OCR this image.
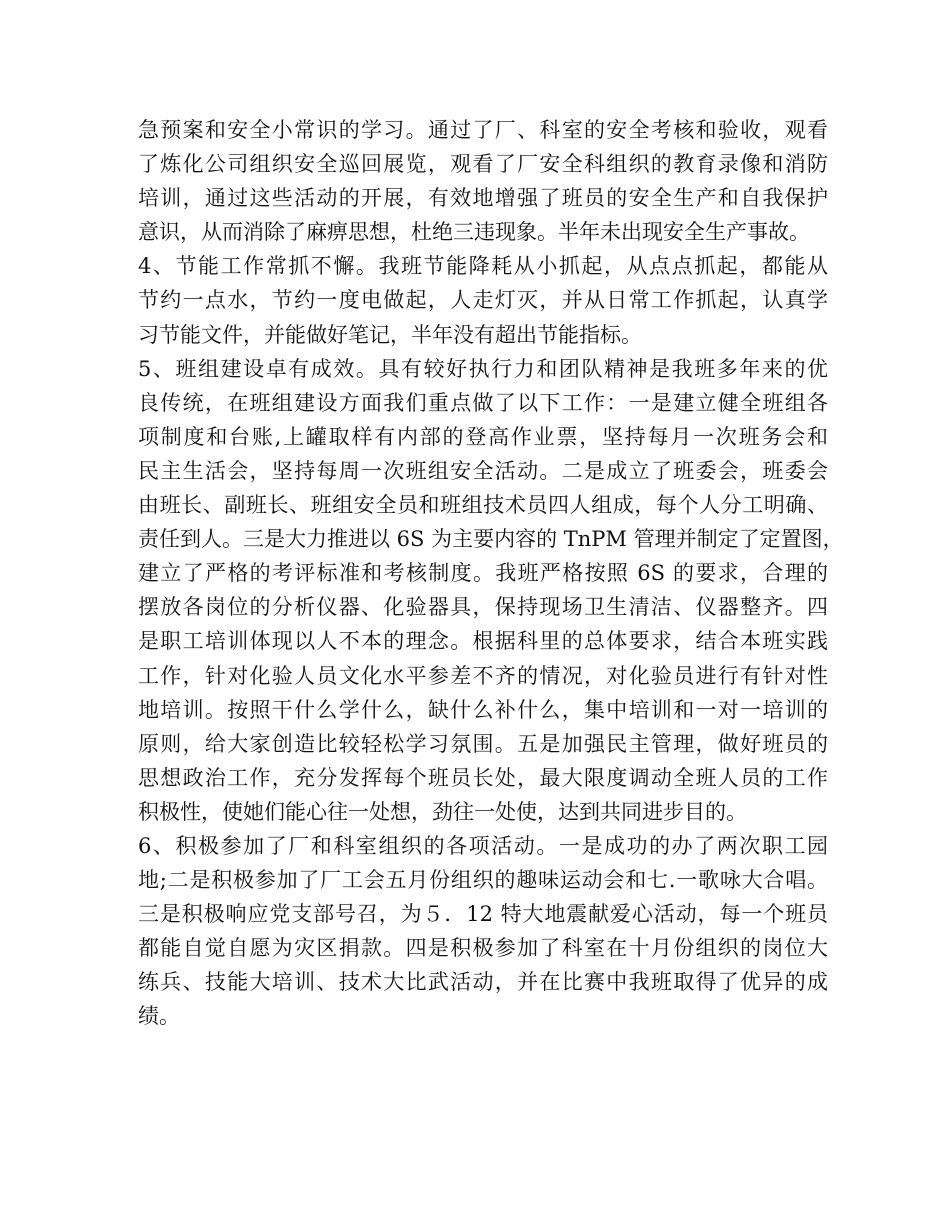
急预案和安全小常识的学习。通过了厂、科室的安全考核和验收，观看
了炼化公司组织安全巡回展览，观看了厂安全科组织的教育录像和消防
培训，通过这些活动的开展，有效地增强了班员的安全生产和自我保护
意识，从而消除了麻痹思想，杜绝三违现象。半年未出现安全生产事故。
4、节能工作常抓不懈。我班节能降耗从小抓起，从点点抓起，都能从
节约一点水，节约一度电做起，人走灯灭，并从日常工作抓起，认真学
习节能文件，并能做好笔记，半年没有超出节能指标。
5、班组建设卓有成效。具有较好执行力和团队精神是我班多年来的优
良传统，在班组建设方面我们重点做了以下工作：一是建立健全班组各
项制度和台账,上罐取样有内部的登高作业票，坚持每月一次班务会和
民主生活会，坚持每周一次班组安全活动。二是成立了班委会，班委会
由班长、副班长、班组安全员和班组技术员四人组成，每个人分工明确、
责任到人。三是大力推进以 6S 为主要内容的 TnPM 管理并制定了定置图，
建立了严格的考评标准和考核制度。我班严格按照 6S 的要求，合理的
摆放各岗位的分析仪器、化验器具，保持现场卫生清洁、仪器整齐。四
是职工培训体现以人不本的理念。根据科里的总体要求，结合本班实践
工作，针对化验人员文化水平参差不齐的情况，对化验员进行有针对性
地培训。按照干什么学什么，缺什么补什么，集中培训和一对一培训的
原则，给大家创造比较轻松学习氛围。五是加强民主管理，做好班员的
思想政治工作，充分发挥每个班员长处，最大限度调动全班人员的工作
积极性，使她们能心往一处想，劲往一处使，达到共同进步目的。
6、积极参加了厂和科室组织的各项活动。一是成功的办了两次职工园
地;二是积极参加了厂工会五月份组织的趣味运动会和七.一歌咏大合唱。
三是积极响应党支部号召，为５．12 特大地震献爱心活动，每一个班员
都能自觉自愿为灾区捐款。四是积极参加了科室在十月份组织的岗位大
练兵、技能大培训、技术大比武活动，并在比赛中我班取得了优异的成
绩。
